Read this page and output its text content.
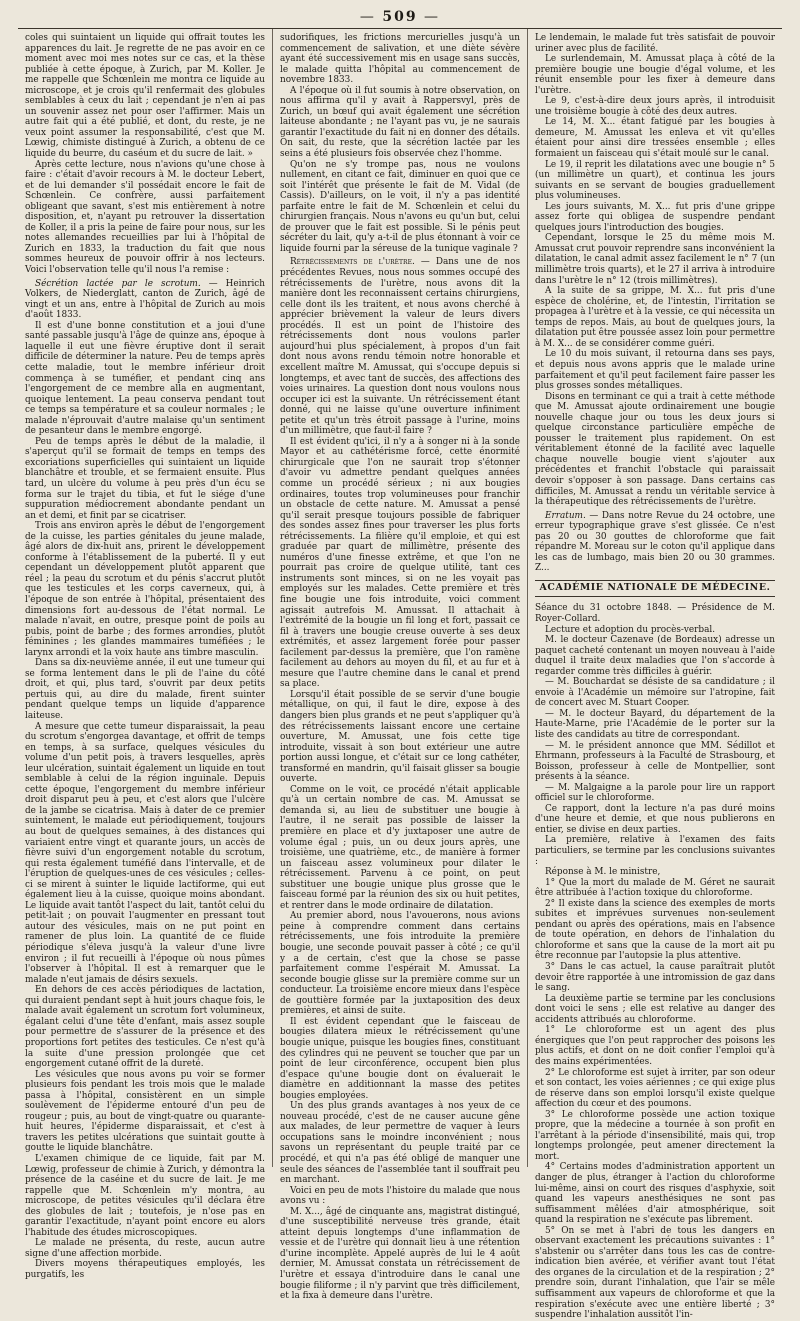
— 509 —

coles qui suintaient un liquide qui offrait toutes les apparences du lait. Je regrette de ne pas avoir en ce moment avec moi mes notes sur ce cas, et la thèse publiée à cette époque, à Zurich, par M. Koller. Je me rappelle que Schœnlein me montra ce liquide au microscope, et je crois qu'il renfermait des globules semblables à ceux du lait ; cependant je n'en ai pas un souvenir assez net pour oser l'affirmer. Mais un autre fait qui a été publié, et dont, du reste, je ne veux point assumer la responsabilité, c'est que M. Lœwig, chimiste distingué à Zurich, a obtenu de ce liquide du beurre, du caséum et du sucre de lait. »

Après cette lecture, nous n'avions qu'une chose à faire : c'était d'avoir recours à M. le docteur Lebert, et de lui demander s'il possédait encore le fait de Schœnlein. Ce confrère, aussi parfaitement obligeant que savant, s'est mis entièrement à notre disposition, et, n'ayant pu retrouver la dissertation de Koller, il a pris la peine de faire pour nous, sur les notes allemandes recueillies par lui à l'hôpital de Zurich en 1833, la traduction du fait que nous sommes heureux de pouvoir offrir à nos lecteurs. Voici l'observation telle qu'il nous l'a remise :

Sécrétion lactée par le scrotum. — Heinrich Volkers, de Niederglatt, canton de Zurich, âgé de vingt et un ans, entre à l'hôpital de Zurich au mois d'août 1833.

Il est d'une bonne constitution et a joui d'une santé passable jusqu'à l'âge de quinze ans, époque à laquelle il eut une fièvre éruptive dont il serait difficile de déterminer la nature. Peu de temps après cette maladie, tout le membre inférieur droit commença à se tuméfier, et pendant cinq ans l'engorgement de ce membre alla en augmentant, quoique lentement. La peau conserva pendant tout ce temps sa température et sa couleur normales ; le malade n'éprouvait d'autre malaise qu'un sentiment de pesanteur dans le membre engorgé.

Peu de temps après le début de la maladie, il s'aperçut qu'il se formait de temps en temps des excoriations superficielles qui suintaient un liquide blanchâtre et trouble, et se fermaient ensuite. Plus tard, un ulcère du volume à peu près d'un écu se forma sur le trajet du tibia, et fut le siége d'une suppuration médiocrement abondante pendant un an et demi, et finit par se cicatriser.

Trois ans environ après le début de l'engorgement de la cuisse, les parties génitales du jeune malade, âgé alors de dix-huit ans, prirent le développement conforme à l'établissement de la puberté. Il y eut cependant un développement plutôt apparent que réel ; la peau du scrotum et du pénis s'accrut plutôt que les testicules et les corps caverneux, qui, à l'époque de son entrée à l'hôpital, présentaient des dimensions fort au-dessous de l'état normal. Le malade n'avait, en outre, presque point de poils au pubis, point de barbe ; des formes arrondies, plutôt féminines ; les glandes mammaires tuméfiées ; le larynx arrondi et la voix haute ans timbre masculin.

Dans sa dix-neuvième année, il eut une tumeur qui se forma lentement dans le pli de l'aine du côté droit, et qui, plus tard, s'ouvrit par deux petits pertuis qui, au dire du malade, firent suinter pendant quelque temps un liquide d'apparence laiteuse.

A mesure que cette tumeur disparaissait, la peau du scrotum s'engorgea davantage, et offrit de temps en temps, à sa surface, quelques vésicules du volume d'un petit pois, à travers lesquelles, après leur ulcération, suintait également un liquide en tout semblable à celui de la région inguinale. Depuis cette époque, l'engorgement du membre inférieur droit disparut peu à peu, et c'est alors que l'ulcère de la jambe se cicatrisa. Mais à dater de ce premier suintement, le malade eut périodiquement, toujours au bout de quelques semaines, à des distances qui variaient entre vingt et quarante jours, un accès de fièvre suivi d'un engorgement notable du scrotum, qui resta également tuméfié dans l'intervalle, et de l'éruption de quelques-unes de ces vésicules ; celles-ci se mirent à suinter le liquide lactiforme, qui eut également lieu à la cuisse, quoique moins abondant. Le liquide avait tantôt l'aspect du lait, tantôt celui du petit-lait ; on pouvait l'augmenter en pressant tout autour des vésicules, mais on ne put point en ramener de plus loin. La quantité de ce fluide périodique s'éleva jusqu'à la valeur d'une livre environ ; il fut recueilli à l'époque où nous pûmes l'observer à l'hôpital. Il est à remarquer que le malade n'eut jamais de désirs sexuels.

En dehors de ces accès périodiques de lactation, qui duraient pendant sept à huit jours chaque fois, le malade avait également un scrotum fort volumineux, égalant celui d'une tête d'enfant, mais assez souple pour permettre de s'assurer de la présence et des proportions fort petites des testicules. Ce n'est qu'à la suite d'une pression prolongée que cet engorgement cutané offrit de la dureté.

Les vésicules que nous avons pu voir se former plusieurs fois pendant les trois mois que le malade passa à l'hôpital, consistèrent en un simple soulèvement de l'épiderme entouré d'un peu de rougeur ; puis, au bout de vingt-quatre ou quarante-huit heures, l'épiderme disparaissait, et c'est à travers les petites ulcérations que suintait goutte à goutte le liquide blanchâtre.

L'examen chimique de ce liquide, fait par M. Lœwig, professeur de chimie à Zurich, y démontra la présence de la caséine et du sucre de lait. Je me rappelle que M. Schœnlein m'y montra, au microscope, de petites vésicules qu'il déclara être des globules de lait ; toutefois, je n'ose pas en garantir l'exactitude, n'ayant point encore eu alors l'habitude des études microscopiques.

Le malade ne présenta, du reste, aucun autre signe d'une affection morbide.

Divers moyens thérapeutiques employés, les purgatifs, les

sudorifiques, les frictions mercurielles jusqu'à un commencement de salivation, et une diète sévère ayant été successivement mis en usage sans succès, le malade quitta l'hôpital au commencement de novembre 1833.

A l'époque où il fut soumis à notre observation, on nous affirma qu'il y avait à Rappersvyl, près de Zurich, un bœuf qui avait également une sécrétion laiteuse abondante ; ne l'ayant pas vu, je ne saurais garantir l'exactitude du fait ni en donner des détails. On sait, du reste, que la sécrétion lactée par les seins a été plusieurs fois observée chez l'homme.

Qu'on ne s'y trompe pas, nous ne voulons nullement, en citant ce fait, diminuer en quoi que ce soit l'intérêt que présente le fait de M. Vidal (de Cassis). D'ailleurs, on le voit, il n'y a pas identité parfaite entre le fait de M. Schœnlein et celui du chirurgien français. Nous n'avons eu qu'un but, celui de prouver que le fait est possible. Si le pénis peut sécréter du lait, qu'y a-t-il de plus étonnant à voir ce liquide fourni par la séreuse de la tunique vaginale ?

Rétrécissements de l'urètre. — Dans une de nos précédentes Revues, nous nous sommes occupé des rétrécissements de l'urètre, nous avons dit la manière dont les reconnaissent certains chirurgiens, celle dont ils les traitent, et nous avons cherché à apprécier brièvement la valeur de leurs divers procédés. Il est un point de l'histoire des rétrécissements dont nous voulons parler aujourd'hui plus spécialement, à propos d'un fait dont nous avons rendu témoin notre honorable et excellent maître M. Amussat, qui s'occupe depuis si longtemps, et avec tant de succès, des affections des voies urinaires. La question dont nous voulons nous occuper ici est la suivante. Un rétrécissement étant donné, qui ne laisse qu'une ouverture infiniment petite et qu'un très étroit passage à l'urine, moins d'un millimètre, que faut-il faire ?

Il est évident qu'ici, il n'y a à songer ni à la sonde Mayor et au cathétérisme forcé, cette énormité chirurgicale que l'on ne saurait trop s'étonner d'avoir vu admettre pendant quelques années comme un procédé sérieux ; ni aux bougies ordinaires, toutes trop volumineuses pour franchir un obstacle de cette nature. M. Amussat a pensé qu'il serait presque toujours possible de fabriquer des sondes assez fines pour traverser les plus forts rétrécissements. La filière qu'il emploie, et qui est graduée par quart de millimètre, présente des numéros d'une finesse extrême, et que l'on ne pourrait pas croire de quelque utilité, tant ces instruments sont minces, si on ne les voyait pas employés sur les malades. Cette première et très fine bougie une fois introduite, voici comment agissait autrefois M. Amussat. Il attachait à l'extrémité de la bougie un fil long et fort, passait ce fil à travers une bougie creuse ouverte à ses deux extrémités, et assez largement forée pour passer facilement par-dessus la première, que l'on ramène facilement au dehors au moyen du fil, et au fur et à mesure que l'autre chemine dans le canal et prend sa place.

Lorsqu'il était possible de se servir d'une bougie métallique, on qui, il faut le dire, expose à des dangers bien plus grands et ne peut s'appliquer qu'à des rétrécissements laissant encore une certaine ouverture, M. Amussat, une fois cette tige introduite, vissait à son bout extérieur une autre portion aussi longue, et c'était sur ce long cathéter, transformé en mandrin, qu'il faisait glisser sa bougie ouverte.

Comme on le voit, ce procédé n'était applicable qu'à un certain nombre de cas. M. Amussat se demanda si, au lieu de substituer une bougie à l'autre, il ne serait pas possible de laisser la première en place et d'y juxtaposer une autre de volume égal ; puis, un ou deux jours après, une troisième, une quatrième, etc., de manière à former un faisceau assez volumineux pour dilater le rétrécissement. Parvenu à ce point, on peut substituer une bougie unique plus grosse que le faisceau formé par la réunion des six ou huit petites, et rentrer dans le mode ordinaire de dilatation.

Au premier abord, nous l'avouerons, nous avions peine à comprendre comment dans certains rétrécissements, une fois introduite la première bougie, une seconde pouvait passer à côté ; ce qu'il y a de certain, c'est que la chose se passe parfaitement comme l'espérait M. Amussat. La seconde bougie glisse sur la première comme sur un conducteur. La troisième encore mieux dans l'espèce de gouttière formée par la juxtaposition des deux premières, et ainsi de suite.

Il est évident cependant que le faisceau de bougies dilatera mieux le rétrécissement qu'une bougie unique, puisque les bougies fines, constituant des cylindres qui ne peuvent se toucher que par un point de leur circonférence, occupent bien plus d'espace qu'une bougie dont on évaluerait le diamètre en additionnant la masse des petites bougies employées.

Un des plus grands avantages à nos yeux de ce nouveau procédé, c'est de ne causer aucune gêne aux malades, de leur permettre de vaquer à leurs occupations sans le moindre inconvénient ; nous savons un représentant du peuple traité par ce procédé, et qui n'a pas été obligé de manquer une seule des séances de l'assemblée tant il souffrait peu en marchant.

Voici en peu de mots l'histoire du malade que nous avons vu :

M. X..., âgé de cinquante ans, magistrat distingué, d'une susceptibilité nerveuse très grande, était atteint depuis longtemps d'une inflammation de vessie et de l'urètre qui donnait lieu à une rétention d'urine incomplète. Appelé auprès de lui le 4 août dernier, M. Amussat constata un rétrécissement de l'urètre et essaya d'introduire dans le canal une bougie filiforme ; il n'y parvint que très difficilement, et la fixa à demeure dans l'urètre.

Le lendemain, le malade fut très satisfait de pouvoir uriner avec plus de facilité.

Le surlendemain, M. Amussat plaça à côté de la première bougie une bougie d'égal volume, et les réunit ensemble pour les fixer à demeure dans l'urètre.

Le 9, c'est-à-dire deux jours après, il introduisit une troisième bougie à côté des deux autres.

Le 14, M. X... étant fatigué par les bougies à demeure, M. Amussat les enleva et vit qu'elles étaient pour ainsi dire tressées ensemble ; elles formaient un faisceau qui s'était moulé sur le canal.

Le 19, il reprit les dilatations avec une bougie n° 5 (un millimètre un quart), et continua les jours suivants en se servant de bougies graduellement plus volumineuses.

Les jours suivants, M. X... fut pris d'une grippe assez forte qui obligea de suspendre pendant quelques jours l'introduction des bougies.

Cependant, lorsque le 25 du même mois M. Amussat crut pouvoir reprendre sans inconvénient la dilatation, le canal admit assez facilement le n° 7 (un millimètre trois quarts), et le 27 il arriva à introduire dans l'urètre le n° 12 (trois millimètres).

A la suite de sa grippe, M. X... fut pris d'une espèce de cholérine, et, de l'intestin, l'irritation se propagea à l'urètre et à la vessie, ce qui nécessita un temps de repos. Mais, au bout de quelques jours, la dilatation put être poussée assez loin pour permettre à M. X... de se considérer comme guéri.

Le 10 du mois suivant, il retourna dans ses pays, et depuis nous avons appris que le malade urine parfaitement et qu'il peut facilement faire passer les plus grosses sondes métalliques.

Disons en terminant ce qui a trait à cette méthode que M. Amussat ajoute ordinairement une bougie nouvelle chaque jour ou tous les deux jours si quelque circonstance particulière empêche de pousser le traitement plus rapidement. On est véritablement étonné de la facilité avec laquelle chaque nouvelle bougie vient s'ajouter aux précédentes et franchit l'obstacle qui paraissait devoir s'opposer à son passage. Dans certains cas difficiles, M. Amussat a rendu un véritable service à la thérapeutique des rétrécissements de l'urètre.

Erratum. — Dans notre Revue du 24 octobre, une erreur typographique grave s'est glissée. Ce n'est pas 20 ou 30 gouttes de chloroforme que fait répandre M. Moreau sur le coton qu'il applique dans les cas de lumbago, mais bien 20 ou 30 grammes. Z...

ACADÉMIE NATIONALE DE MÉDECINE.

Séance du 31 octobre 1848. — Présidence de M. Royer-Collard.

Lecture et adoption du procès-verbal.

M. le docteur Cazenave (de Bordeaux) adresse un paquet cacheté contenant un moyen nouveau à l'aide duquel il traite deux maladies que l'on s'accorde à regarder comme très difficiles à guérir.

— M. Bouchardat se désiste de sa candidature ; il envoie à l'Académie un mémoire sur l'atropine, fait de concert avec M. Stuart Cooper.

— M. le docteur Bayard, du département de la Haute-Marne, prie l'Académie de le porter sur la liste des candidats au titre de correspondant.

— M. le président annonce que MM. Sédillot et Ehrmann, professeurs à la Faculté de Strasbourg, et Boisson, professeur à celle de Montpellier, sont présents à la séance.

— M. Malgaigne a la parole pour lire un rapport officiel sur le chloroforme.

Ce rapport, dont la lecture n'a pas duré moins d'une heure et demie, et que nous publierons en entier, se divise en deux parties.

La première, relative à l'examen des faits particuliers, se termine par les conclusions suivantes :

Réponse à M. le ministre,

1° Que la mort du malade de M. Géret ne saurait être attribuée à l'action toxique du chloroforme.

2° Il existe dans la science des exemples de morts subites et imprévues survenues non-seulement pendant ou après des opérations, mais en l'absence de toute opération, en dehors de l'inhalation du chloroforme et sans que la cause de la mort ait pu être reconnue par l'autopsie la plus attentive.

3° Dans le cas actuel, la cause paraîtrait plutôt devoir être rapportée à une intromission de gaz dans le sang.

La deuxième partie se termine par les conclusions dont voici le sens ; elle est relative au danger des accidents attribués au chloroforme.

1° Le chloroforme est un agent des plus énergiques que l'on peut rapprocher des poisons les plus actifs, et dont on ne doit confier l'emploi qu'à des mains expérimentées.

2° Le chloroforme est sujet à irriter, par son odeur et son contact, les voies aériennes ; ce qui exige plus de réserve dans son emploi lorsqu'il existe quelque affection du cœur et des poumons.

3° Le chloroforme possède une action toxique propre, que la médecine a tournée à son profit en l'arrêtant à la période d'insensibilité, mais qui, trop longtemps prolongée, peut amener directement la mort.

4° Certains modes d'administration apportent un danger de plus, étranger à l'action du chloroforme lui-même, ainsi on court des risques d'asphyxie, soit quand les vapeurs anesthésiques ne sont pas suffisamment mêlées d'air atmosphérique, soit quand la respiration ne s'exécute pas librement.

5° On se met à l'abri de tous les dangers en observant exactement les précautions suivantes : 1° s'abstenir ou s'arrêter dans tous les cas de contre-indication bien avérée, et vérifier avant tout l'état des organes de la circulation et de la respiration ; 2° prendre soin, durant l'inhalation, que l'air se mêle suffisamment aux vapeurs de chloroforme et que la respiration s'exécute avec une entière liberté ; 3° suspendre l'inhalation aussitôt l'in-
